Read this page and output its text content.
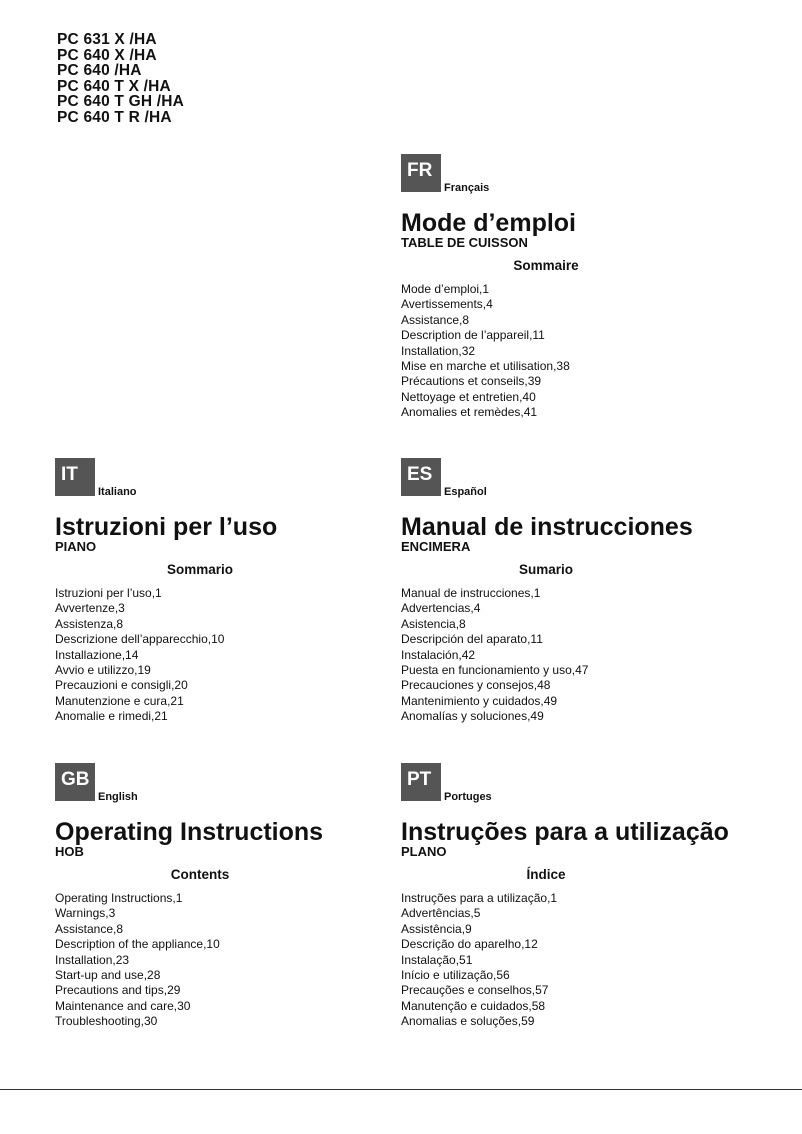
PC 631 X /HA
PC 640 X /HA
PC 640 /HA
PC 640 T X /HA
PC 640 T GH /HA
PC 640 T R /HA
FR
Français
Mode d’emploi
TABLE DE CUISSON
Sommaire
Mode d’emploi,1
Avertissements,4
Assistance,8
Description de l’appareil,11
Installation,32
Mise en marche et utilisation,38
Précautions et conseils,39
Nettoyage et entretien,40
Anomalies et remèdes,41
IT
Italiano
Istruzioni per l’uso
PIANO
Sommario
Istruzioni per l’uso,1
Avvertenze,3
Assistenza,8
Descrizione dell’apparecchio,10
Installazione,14
Avvio e utilizzo,19
Precauzioni e consigli,20
Manutenzione e cura,21
Anomalie e rimedi,21
ES
Español
Manual de instrucciones
ENCIMERA
Sumario
Manual de instrucciones,1
Advertencias,4
Asistencia,8
Descripción del aparato,11
Instalación,42
Puesta en funcionamiento y uso,47
Precauciones y consejos,48
Mantenimiento y cuidados,49
Anomalías y soluciones,49
GB
English
Operating Instructions
HOB
Contents
Operating Instructions,1
Warnings,3
Assistance,8
Description of the appliance,10
Installation,23
Start-up and use,28
Precautions and tips,29
Maintenance and care,30
Troubleshooting,30
PT
Portuges
Instruções para a utilização
PLANO
Índice
Instruções para a utilização,1
Advertências,5
Assistência,9
Descrição do aparelho,12
Instalação,51
Início e utilização,56
Precauções e conselhos,57
Manutenção e cuidados,58
Anomalias e soluções,59
